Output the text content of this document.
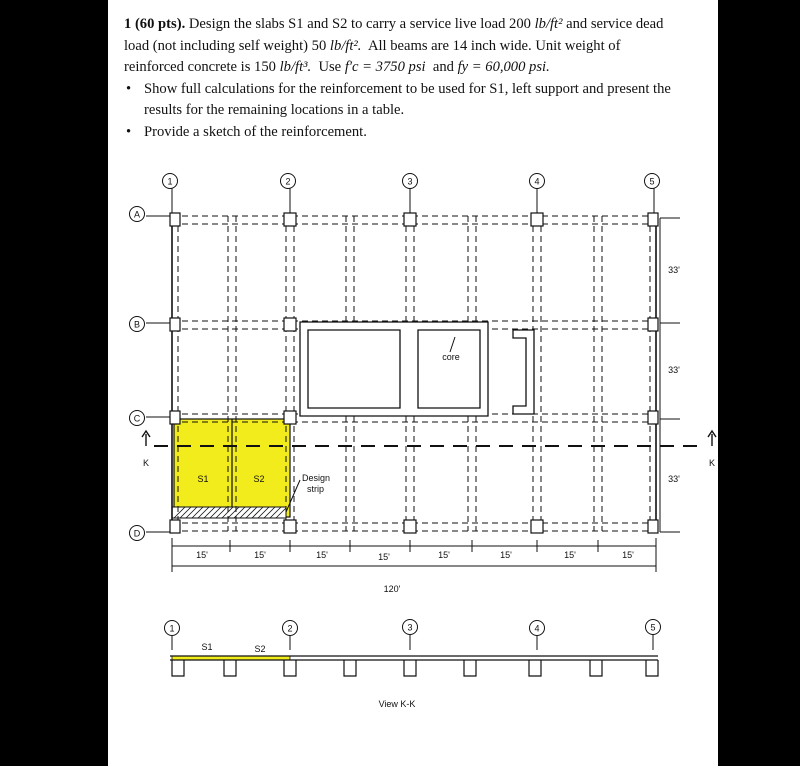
1 (60 pts). Design the slabs S1 and S2 to carry a service live load 200 lb/ft² and service dead

load (not including self weight) 50 lb/ft². All beams are 14 inch wide. Unit weight of

reinforced concrete is 150 lb/ft³. Use f′c = 3750 psi and fy = 60,000 psi.

• Show full calculations for the reinforcement to be used for S1, left support and present the
results for the remaining locations in a table.

• Provide a sketch of the reinforcement.

1	2	3	4	5
A
B
C
D
K	K
core
S1	S2	Design
strip
33'
33'
33'
15'	15'	15'	15'	15'	15'	15'	15'
120'
1	2	3	4	5
S1	S2
View K-K
